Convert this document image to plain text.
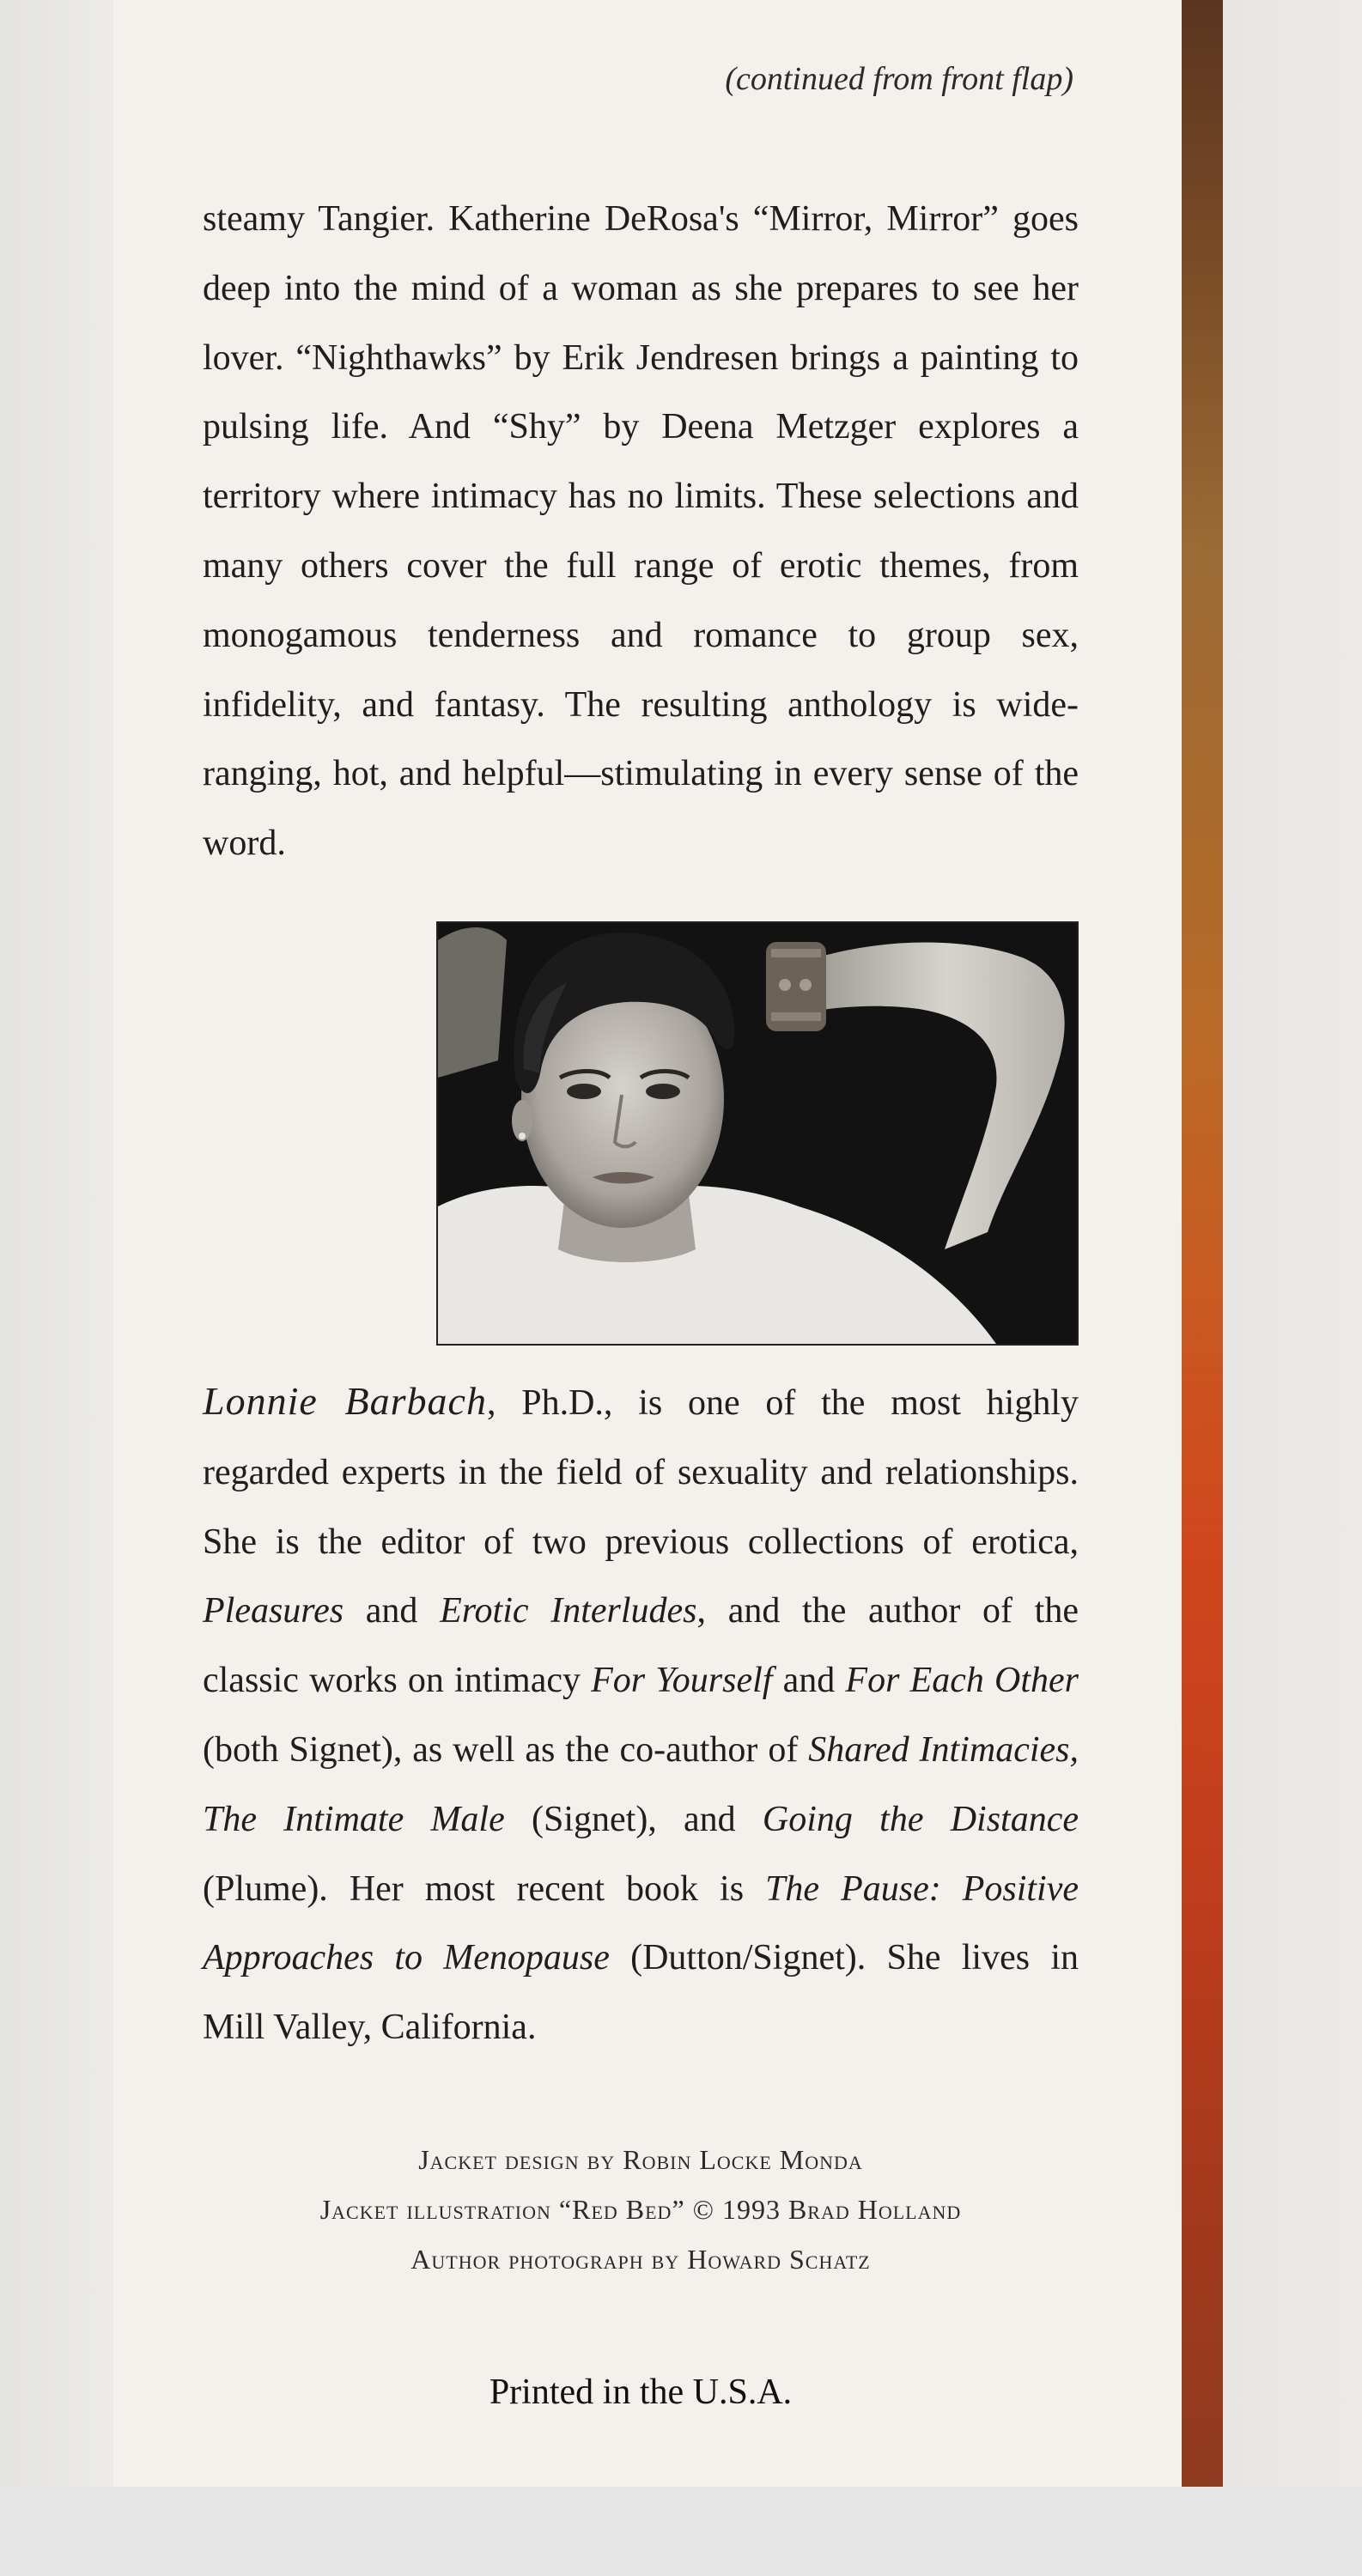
(continued from front flap)

steamy Tangier. Katherine DeRosa's “Mirror, Mirror” goes deep into the mind of a woman as she prepares to see her lover. “Nighthawks” by Erik Jendresen brings a painting to pulsing life. And “Shy” by Deena Metzger explores a territory where intimacy has no limits. These selections and many others cover the full range of erotic themes, from monogamous tenderness and romance to group sex, infidelity, and fantasy. The resulting anthology is wide-ranging, hot, and helpful—stimulating in every sense of the word.

Lonnie Barbach, Ph.D., is one of the most highly regarded experts in the field of sexuality and relationships. She is the editor of two previous collections of erotica, Pleasures and Erotic Interludes, and the author of the classic works on intimacy For Yourself and For Each Other (both Signet), as well as the co-author of Shared Intimacies, The Intimate Male (Signet), and Going the Distance (Plume). Her most recent book is The Pause: Positive Approaches to Menopause (Dutton/Signet). She lives in Mill Valley, California.

Jacket design by Robin Locke Monda
Jacket illustration “Red Bed” © 1993 Brad Holland
Author photograph by Howard Schatz
Printed in the U.S.A.
